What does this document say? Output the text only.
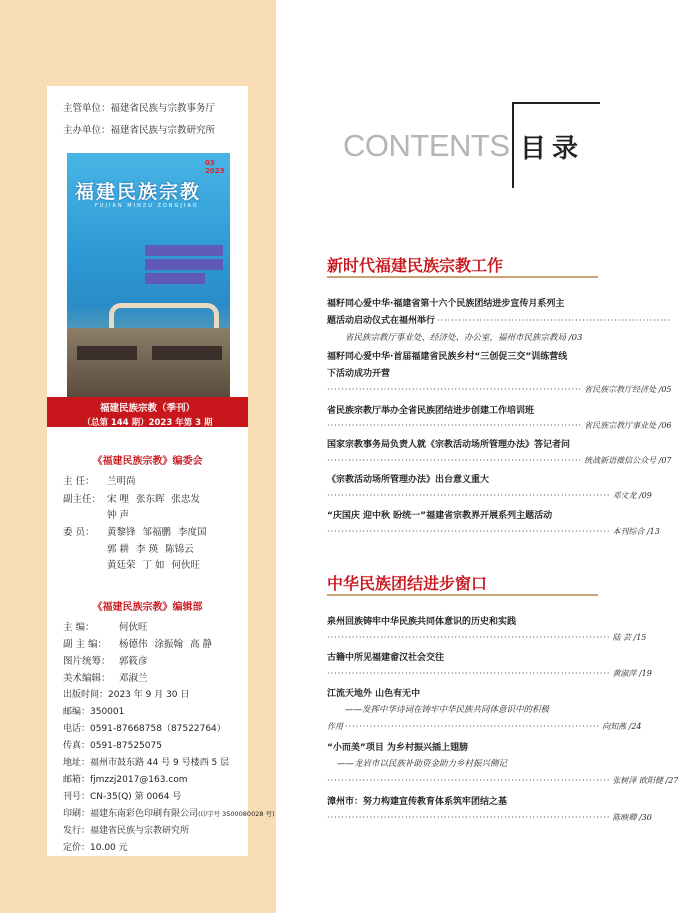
主管单位：福建省民族与宗教事务厅
主办单位：福建省民族与宗教研究所
03 2023
福建民族宗教
FUJIAN MINZU ZONGJIAO
福建民族宗教（季刊）
（总第 144 期）2023 年第 3 期
《福建民族宗教》编委会
主 任： 兰明尚
副主任： 宋 哩 张东晖 张忠发
钟 声
委 员： 黄黎锋 邹福鹏 李度国
郭 耕 李 瑛 陈锦云
黄廷荣 丁 如 何伙旺
《福建民族宗教》编辑部
主 编：	何伙旺
副 主 编： 杨德伟 涂振翰 高 静
图片统筹： 郭筱彦
美术编辑： 邓淑兰
出版时间：2023 年 9 月 30 日
邮编：350001
电话：0591-87668758（87522764）
传真：0591-87525075
地址：福州市鼓东路 44 号 9 号楼西 5 层
邮箱：fjmzzj2017@163.com
刊号：CN-35(Q) 第 0064 号
印刷：福建东南彩色印刷有限公司(印字号 3500080028 号)
发行：福建省民族与宗教研究所
定价：10.00 元
CONTENTS 目录
新时代福建民族宗教工作
福籽同心爱中华·福建省第十六个民族团结进步宣传月系列主
题活动启动仪式在福州举行 ··································································
省民族宗教厅事业处、经济处、办公室，福州市民族宗教局 /03
福籽同心爱中华·首届福建省民族乡村“三创促三交”训练营线
下活动成功开营
········································································ 省民族宗教厅经济处 /05
省民族宗教厅举办全省民族团结进步创建工作培训班
········································································ 省民族宗教厅事业处 /06
国家宗教事务局负责人就《宗教活动场所管理办法》答记者问
········································································ 统战新语微信公众号 /07
《宗教活动场所管理办法》出台意义重大
················································································ 邓文龙 /09
“庆国庆 迎中秋 盼统一”福建省宗教界开展系列主题活动
················································································ 本刊综合 /13
中华民族团结进步窗口
泉州回族铸牢中华民族共同体意识的历史和实践
················································································ 陆 芸 /15
古籍中所见福建畲汉社会交往
················································································ 黄淑萍 /19
江流天地外 山色有无中
——发挥中华诗词在铸牢中华民族共同体意识中的积极
作用 ········································································ 向知燕 /24
“小而美”项目 为乡村振兴插上翅膀
——龙岩市以民族补助资金助力乡村振兴侧记
················································································ 张树泽 欧阳健 /27
漳州市：努力构建宣传教育体系筑牢团结之基
················································································ 陈映卿 /30
